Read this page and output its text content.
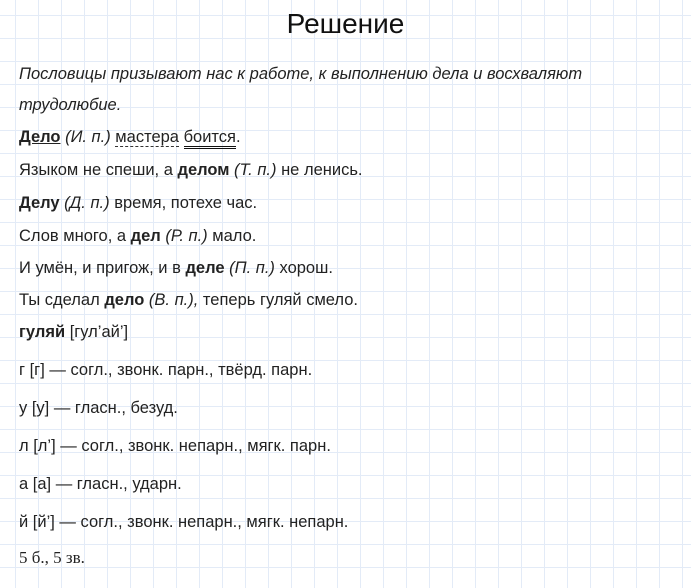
Решение
Пословицы призывают нас к работе, к выполнению дела и восхваляют
трудолюбие.
Дело (И. п.) мастера боится.
Языком не спеши, а делом (Т. п.) не ленись.
Делу (Д. п.) время, потехе час.
Слов много, а дел (Р. п.) мало.
И умён, и пригож, и в деле (П. п.) хорош.
Ты сделал дело (В. п.), теперь гуляй смело.
гуляй [гул’ай’]
г [г] — согл., звонк. парн., твёрд. парн.
у [у] — гласн., безуд.
л [л’] — согл., звонк. непарн., мягк. парн.
а [а] — гласн., ударн.
й [й’] — согл., звонк. непарн., мягк. непарн.
5 б., 5 зв.
